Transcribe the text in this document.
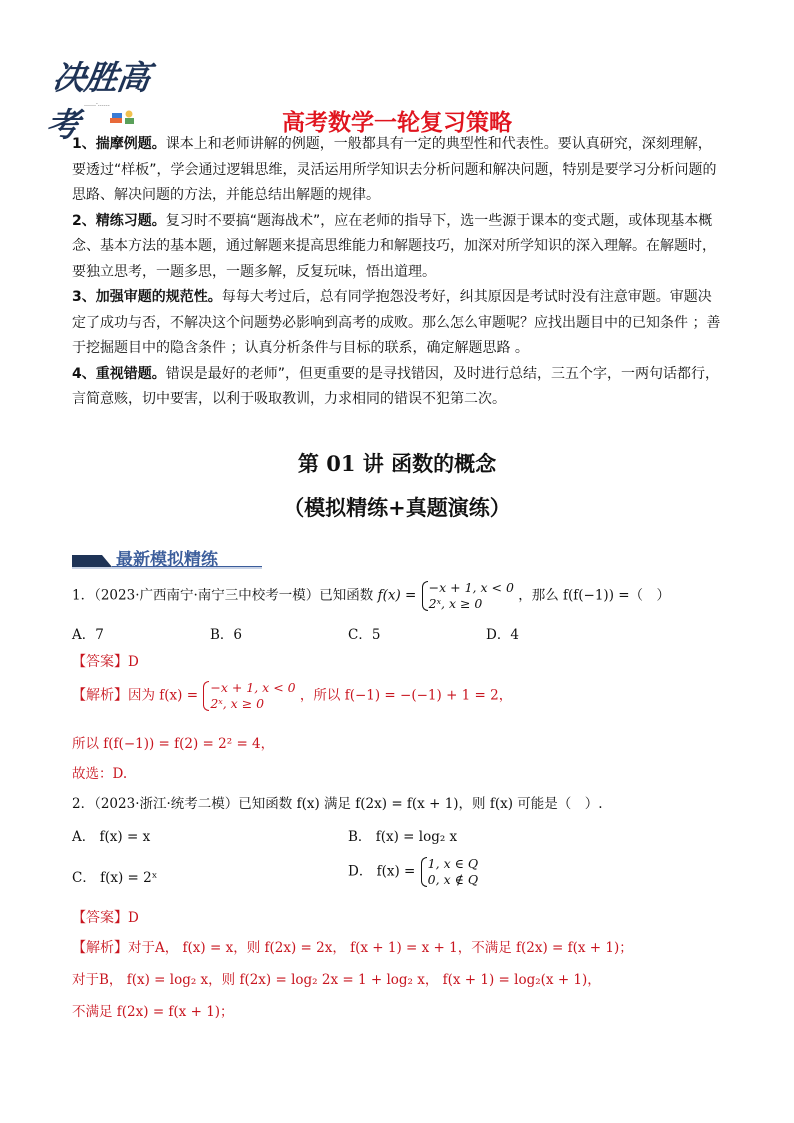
决胜高考
……·……
高考数学一轮复习策略

1、揣摩例题。课本上和老师讲解的例题，一般都具有一定的典型性和代表性。要认真研究，深刻理解，要透过“样板”，学会通过逻辑思维，灵活运用所学知识去分析问题和解决问题，特别是要学习分析问题的思路、解决问题的方法，并能总结出解题的规律。

2、精练习题。复习时不要搞“题海战术”，应在老师的指导下，选一些源于课本的变式题，或体现基本概念、基本方法的基本题，通过解题来提高思维能力和解题技巧，加深对所学知识的深入理解。在解题时，要独立思考，一题多思，一题多解，反复玩味，悟出道理。

3、加强审题的规范性。每每大考过后，总有同学抱怨没考好，纠其原因是考试时没有注意审题。审题决定了成功与否，不解决这个问题势必影响到高考的成败。那么怎么审题呢？应找出题目中的已知条件 ；善于挖掘题目中的隐含条件 ；认真分析条件与目标的联系，确定解题思路 。

4、重视错题。错误是最好的老师”，但更重要的是寻找错因，及时进行总结，三五个字，一两句话都行，言简意赅，切中要害，以利于吸取教训，力求相同的错误不犯第二次。

第 01 讲 函数的概念
（模拟精练+真题演练）
最新模拟精练
1．（2023·广西南宁·南宁三中校考一模）已知函数 f(x) = −x + 1, x < 0
2ˣ, x ≥ 0	，那么 f(f(−1)) =（　）
A．7	B．6	C．5	D．4
【答案】D
【解析】因为 f(x) = −x + 1, x < 0
2ˣ, x ≥ 0	，所以 f(−1) = −(−1) + 1 = 2，
所以 f(f(−1)) = f(2) = 2² = 4，
故选：D.
2．（2023·浙江·统考二模）已知函数 f(x) 满足 f(2x) = f(x + 1)，则 f(x) 可能是（　）.
A． f(x) = x	B． f(x) = log₂ x
C． f(x) = 2ˣ	D． f(x) = 1, x ∈ Q
0, x ∉ Q
【答案】D
【解析】对于A， f(x) = x，则 f(2x) = 2x， f(x + 1) = x + 1，不满足 f(2x) = f(x + 1)；
对于B， f(x) = log₂ x，则 f(2x) = log₂ 2x = 1 + log₂ x， f(x + 1) = log₂(x + 1)，
不满足 f(2x) = f(x + 1)；
